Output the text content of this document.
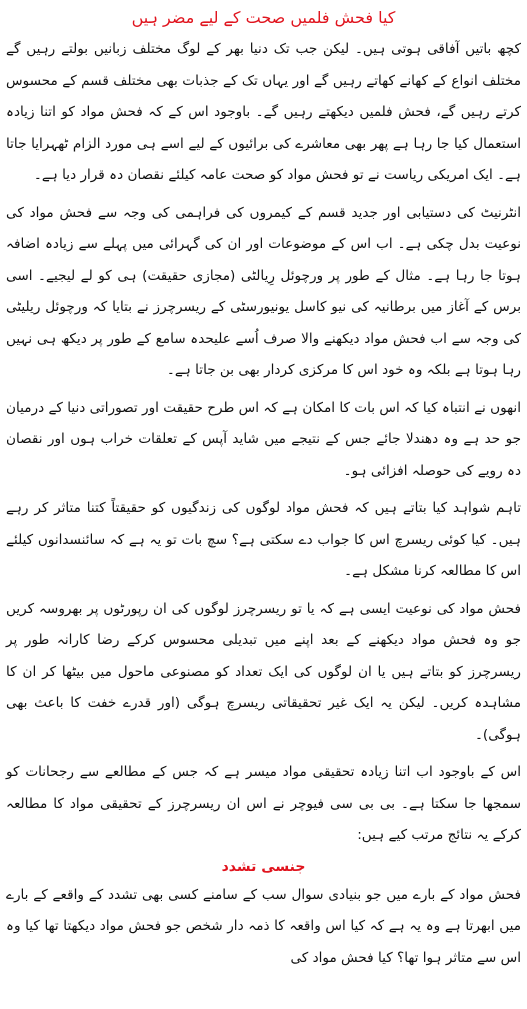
کیا فحش فلمیں صحت کے لیے مضر ہیں

کچھ باتیں آفاقی ہوتی ہیں۔ لیکن جب تک دنیا بھر کے لوگ مختلف زبانیں بولتے رہیں گے مختلف انواع کے کھانے کھاتے رہیں گے اور یہاں تک کے جذبات بھی مختلف قسم کے محسوس کرتے رہیں گے، فحش فلمیں دیکھتے رہیں گے۔ باوجود اس کے کہ فحش مواد کو اتنا زیادہ استعمال کیا جا رہا ہے پھر بھی معاشرے کی برائیوں کے لیے اسے ہی مورد الزام ٹھہرایا جاتا ہے۔ ایک امریکی ریاست نے تو فحش مواد کو صحت عامہ کیلئے نقصان دہ قرار دیا ہے۔

انٹرنیٹ کی دستیابی اور جدید قسم کے کیمروں کی فراہمی کی وجہ سے فحش مواد کی نوعیت بدل چکی ہے۔ اب اس کے موضوعات اور ان کی گہرائی میں پہلے سے زیادہ اضافہ ہوتا جا رہا ہے۔ مثال کے طور پر ورچوئل رِیالٹی (مجازی حقیقت) ہی کو لے لیجیے۔ اسی برس کے آغاز میں برطانیہ کی نیو کاسل یونیورسٹی کے ریسرچرز نے بتایا کہ ورچوئل ریلیٹی کی وجہ سے اب فحش مواد دیکھنے والا صرف اُسے علیحدہ سامع کے طور پر دیکھ ہی نہیں رہا ہوتا ہے بلکہ وہ خود اس کا مرکزی کردار بھی بن جاتا ہے۔

انھوں نے انتباہ کیا کہ اس بات کا امکان ہے کہ اس طرح حقیقت اور تصوراتی دنیا کے درمیان جو حد ہے وہ دھندلا جائے جس کے نتیجے میں شاید آپس کے تعلقات خراب ہوں اور نقصان دہ رویے کی حوصلہ افزائی ہو۔

تاہم شواہد کیا بتاتے ہیں کہ فحش مواد لوگوں کی زندگیوں کو حقیقتاً کتنا متاثر کر رہے ہیں۔ کیا کوئی ریسرچ اس کا جواب دے سکتی ہے؟ سچ بات تو یہ ہے کہ سائنسدانوں کیلئے اس کا مطالعہ کرنا مشکل ہے۔

فحش مواد کی نوعیت ایسی ہے کہ یا تو ریسرچرز لوگوں کی ان رپورٹوں پر بھروسہ کریں جو وہ فحش مواد دیکھنے کے بعد اپنے میں تبدیلی محسوس کرکے رضا کارانہ طور پر ریسرچرز کو بتاتے ہیں یا ان لوگوں کی ایک تعداد کو مصنوعی ماحول میں بیٹھا کر ان کا مشاہدہ کریں۔ لیکن یہ ایک غیر تحقیقاتی ریسرچ ہوگی (اور قدرے خفت کا باعث بھی ہوگی)۔

اس کے باوجود اب اتنا زیادہ تحقیقی مواد میسر ہے کہ جس کے مطالعے سے رجحانات کو سمجھا جا سکتا ہے۔ بی بی سی فیوچر نے اس ان ریسرچرز کے تحقیقی مواد کا مطالعہ کرکے یہ نتائج مرتب کیے ہیں:

جنسی تشدد

فحش مواد کے بارے میں جو بنیادی سوال سب کے سامنے کسی بھی تشدد کے واقعے کے بارے میں ابھرتا ہے وہ یہ ہے کہ کیا اس واقعہ کا ذمہ دار شخص جو فحش مواد دیکھتا تھا کیا وہ اس سے متاثر ہوا تھا؟ کیا فحش مواد کی
